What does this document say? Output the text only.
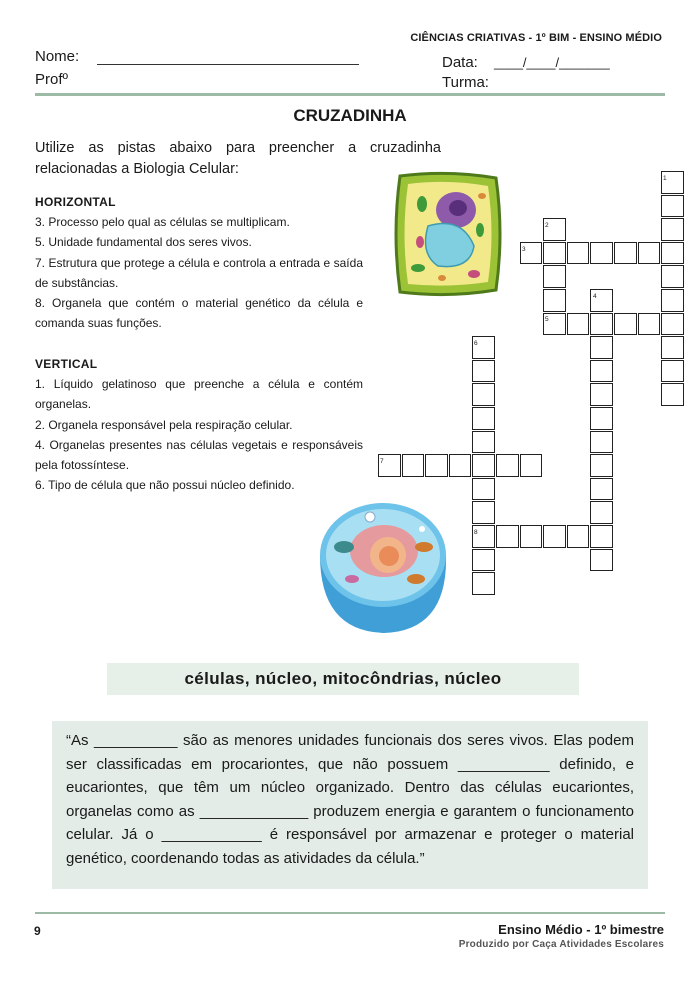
CIÊNCIAS CRIATIVAS - 1º BIM - ENSINO MÉDIO
Nome:
Profº
Data: ____/____/_______
Turma:
CRUZADINHA
Utilize as pistas abaixo para preencher a cruzadinha relacionadas a Biologia Celular:
HORIZONTAL

3. Processo pelo qual as células se multiplicam.

5. Unidade fundamental dos seres vivos.

7. Estrutura que protege a célula e controla a entrada e saída de substâncias.

8. Organela que contém o material genético da célula e comanda suas funções.

VERTICAL

1. Líquido gelatinoso que preenche a célula e contém organelas.

2. Organela responsável pela respiração celular.

4. Organelas presentes nas células vegetais e responsáveis pela fotossíntese.

6. Tipo de célula que não possui núcleo definido.

1
2
3
4
5
6
7
8
células, núcleo, mitocôndrias, núcleo
“As __________ são as menores unidades funcionais dos seres vivos. Elas podem ser classificadas em procariontes, que não possuem ___________ definido, e eucariontes, que têm um núcleo organizado. Dentro das células eucariontes, organelas como as _____________ produzem energia e garantem o funcionamento celular. Já o ____________ é responsável por armazenar e proteger o material genético, coordenando todas as atividades da célula.”
9	Ensino Médio - 1º bimestre
Produzido por Caça Atividades Escolares
